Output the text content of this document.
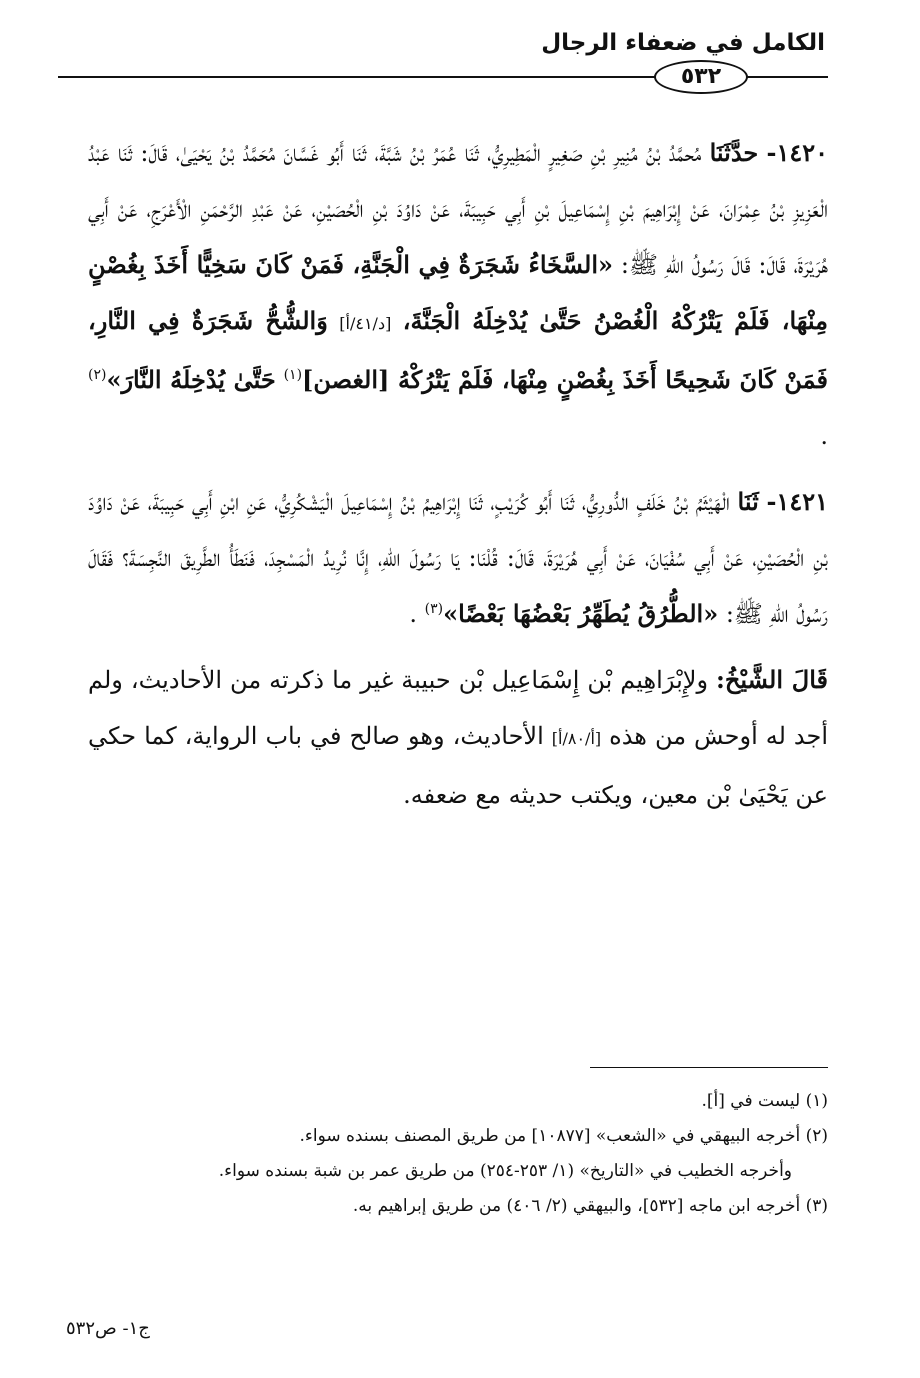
الكامل في ضعفاء الرجال
٥٣٢

١٤٢٠- حدَّثَنَا مُحمَّدُ بْنُ مُنِيرِ بْنِ صَغِيرٍ الْمَطِيرِيُّ، ثَنَا عُمَرُ بْنُ شَبَّةَ، ثَنَا أَبُو غَسَّانَ مُحَمَّدُ بْنُ يَحْيَىٰ، قَالَ: ثَنَا عَبْدُ الْعَزِيزِ بْنُ عِمْرَانَ، عَنْ إِبْرَاهِيمَ بْنِ إِسْمَاعِيلَ بْنِ أَبِي حَبِيبَةَ، عَنْ دَاوُدَ بْنِ الْحُصَيْنِ، عَنْ عَبْدِ الرَّحْمَنِ الْأَعْرَجِ، عَنْ أَبِي هُرَيْرَةَ، قَالَ: قَالَ رَسُولُ اللهِ ﷺ: «السَّخَاءُ شَجَرَةٌ فِي الْجَنَّةِ، فَمَنْ كَانَ سَخِيًّا أَخَذَ بِغُصْنٍ مِنْهَا، فَلَمْ يَتْرُكْهُ الْغُصْنُ حَتَّىٰ يُدْخِلَهُ الْجَنَّةَ، [د/٤١/أ] وَالشُّحُّ شَجَرَةٌ فِي النَّارِ، فَمَنْ كَانَ شَحِيحًا أَخَذَ بِغُصْنٍ مِنْهَا، فَلَمْ يَتْرُكْهُ [الغصن]$^{(١)}$ حَتَّىٰ يُدْخِلَهُ النَّارَ»$^{(٢)}$ .

١٤٢١- ثَنَا الْهَيْثَمُ بْنُ خَلَفٍ الدُّورِيُّ، ثَنَا أَبُو كُرَيْبٍ، ثَنَا إِبْرَاهِيمُ بْنُ إِسْمَاعِيلَ الْيَشْكُرِيُّ، عَنِ ابْنِ أَبِي حَبِيبَةَ، عَنْ دَاوُدَ بْنِ الْحُصَيْنِ، عَنْ أَبِي سُفْيَانَ، عَنْ أَبِي هُرَيْرَةَ، قَالَ: قُلْنَا: يَا رَسُولَ اللهِ، إِنَّا نُرِيدُ الْمَسْجِدَ، فَنَطَأُ الطَّرِيقَ النَّجِسَةَ؟ فَقَالَ رَسُولُ اللهِ ﷺ: «الطُّرُقُ يُطَهِّرُ بَعْضُهَا بَعْضًا»$^{(٣)}$ .

قَالَ الشَّيْخُ: ولإِبْرَاهِيم بْن إِسْمَاعِيل بْن حبيبة غير ما ذكرته من الأحاديث، ولم أجد له أوحش من هذه [أ/٨٠/أ] الأحاديث، وهو صالح في باب الرواية، كما حكي عن يَحْيَىٰ بْن معين، ويكتب حديثه مع ضعفه.

(١) ليست في [أ].

(٢) أخرجه البيهقي في «الشعب» [١٠٨٧٧] من طريق المصنف بسنده سواء.

وأخرجه الخطيب في «التاريخ» (١/ ٢٥٣-٢٥٤) من طريق عمر بن شبة بسنده سواء.

(٣) أخرجه ابن ماجه [٥٣٢]، والبيهقي (٢/ ٤٠٦) من طريق إبراهيم به.

ج١- ص٥٣٢
